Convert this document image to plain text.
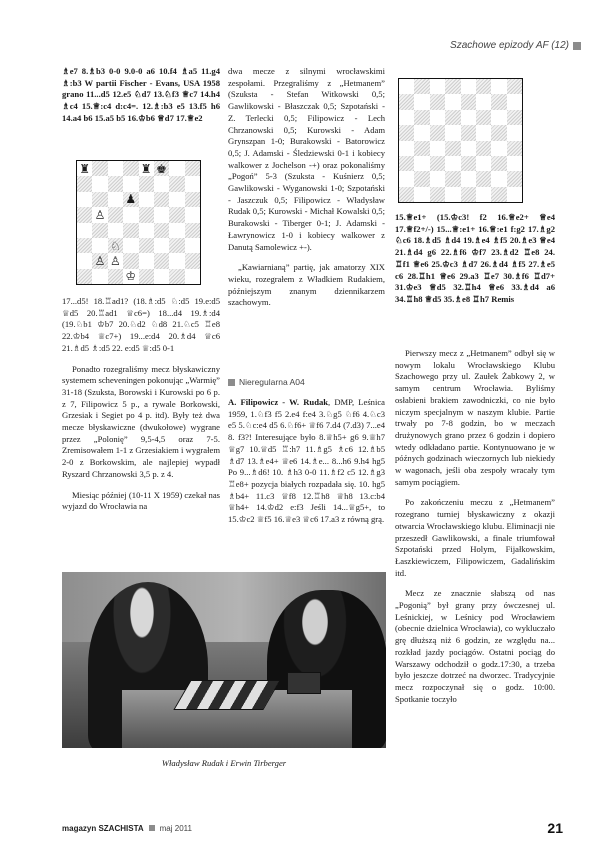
Szachowe epizody AF (12)

♗e7 8.♗b3 0-0 9.0-0 a6 10.f4 ♗a5 11.g4 ♗:b3 W partii Fischer - Evans, USA 1958 grano 11...d5 12.e5 ♘d7 13.♘f3 ♕c7 14.h4 ♗c4 15.♕:c4 d:c4=. 12.♗:b3 e5 13.f5 h6 14.a4 b6 15.a5 b5 16.♔b6 ♕d7 17.♕e2

♜	♜ ♚
♟
♙
♘
♙ ♙
♔

17...d5! 18.♖ad1? (18.♗:d5 ♘:d5 19.e:d5 ♕d5 20.♖ad1 ♕c6=) 18...d4 19.♗:d4 (19.♘b1 ♔b7 20.♘d2 ♘d8 21.♘c5 ♖e8 22.♔b4 ♕c7+) 19...e:d4 20.♗d4 ♕c6 21.♗d5 ♗:d5 22. e:d5 ♕:d5 0-1

Ponadto rozegraliśmy mecz błyskawiczny systemem scheveningen pokonując „Warmię” 31-18 (Szuksta, Borowski i Kurowski po 6 p. z 7, Filipowicz 5 p., a rywale Borkowski, Grzesiak i Segiet po 4 p. itd). Były też dwa mecze błyskawiczne (dwukołowe) wygrane przez „Polonię” 9,5-4,5 oraz 7-5. Zremisowałem 1-1 z Grzesiakiem i wygrałem 2-0 z Borkowskim, ale najlepiej wypadł Ryszard Chrzanowski 3,5 p. z 4.

Miesiąc później (10-11 X 1959) czekał nas wyjazd do Wrocławia na

dwa mecze z silnymi wrocławskimi zespołami. Przegraliśmy z „Hetmanem” (Szuksta - Stefan Witkowski 0,5; Gawlikowski - Błaszczak 0,5; Szpotański - Z. Terlecki 0,5; Filipowicz - Lech Chrzanowski 0,5; Kurowski - Adam Grynszpan 1-0; Burakowski - Batorowicz 0,5; J. Adamski - Śledziewski 0-1 i kobiecy walkower z Jochelson -+) oraz pokonaliśmy „Pogoń” 5-3 (Szuksta - Kuśnierz 0,5; Gawlikowski - Wyganowski 1-0; Szpotański - Jaszczuk 0,5; Filipowicz - Władysław Rudak 0,5; Kurowski - Michał Kowalski 0,5; Burakowski - Tiberger 0-1; J. Adamski - Ławrynowicz 1-0 i kobiecy walkower z Danutą Samolewicz +-).

„Kawiarnianą” partię, jak amatorzy XIX wieku, rozegrałem z Władkiem Rudakiem, późniejszym znanym dziennikarzem szachowym.

Nieregularna A04

A. Filipowicz - W. Rudak, DMP, Leśnica 1959, 1.♘f3 f5 2.e4 f:e4 3.♘g5 ♘f6 4.♘c3 e5 5.♘c:e4 d5 6.♘f6+ ♕f6 7.d4 (7.d3) 7...e4 8. f3?! Interesujące było 8.♕h5+ g6 9.♕h7 ♕g7 10.♕d5 ♖:h7 11.♗g5 ♗c6 12.♗b5 ♗d7 13.♗e4+ ♕e6 14.♗e... 8...h6 9.h4 hg5 Po 9...♗d6! 10. ♗h3 0-0 11.♗f2 c5 12.♗g3 ♖e8+ pozycja białych rozpadała się. 10. hg5 ♗b4+ 11.c3 ♕f8 12.♖h8 ♕h8 13.c:b4 ♕h4+ 14.♔d2 e:f3 Jeśli 14...♕g5+, to 15.♔c2 ♕f5 16.♕e3 ♕c6 17.a3 z równą grą.

15.♕e1+ (15.♔c3! f2 16.♕e2+ ♕e4 17.♕f2+/-) 15...♕:e1+ 16.♕:e1 f:g2 17.♗g2 ♘c6 18.♗d5 ♗d4 19.♗e4 ♗f5 20.♗e3 ♕e4 21.♗d4 g6 22.♗f6 ♔f7 23.♗d2 ♖e8 24. ♖f1 ♕e6 25.♔c3 ♗d7 26.♗d4 ♗f5 27.♗e5 c6 28.♖h1 ♕e6 29.a3 ♖e7 30.♗f6 ♖d7+ 31.♔e3 ♕d5 32.♖h4 ♕e6 33.♗d4 a6 34.♖h8 ♕d5 35.♗e8 ♖h7 Remis

Pierwszy mecz z „Hetmanem” odbył się w nowym lokalu Wrocławskiego Klubu Szachowego przy ul. Zaułek Żabkowy 2, w samym centrum Wrocławia. Byliśmy osłabieni brakiem zawodniczki, co nie było niczym specjalnym w naszym klubie. Partie trwały po 7-8 godzin, bo w meczach drużynowych grano przez 6 godzin i dopiero wtedy odkładano partie. Kontynuowano je w późnych godzinach wieczornych lub niekiedy w wagonach, jeśli oba zespoły wracały tym samym pociągiem.

Po zakończeniu meczu z „Hetmanem” rozegrano turniej błyskawiczny z okazji otwarcia Wrocławskiego klubu. Eliminacji nie przeszedł Gawlikowski, a finale triumfował Szpotański przed Holym, Fijałkowskim, Łaszkiewiczem, Filipowiczem, Gadalińskim itd.

Mecz ze znacznie słabszą od nas „Pogonią” był grany przy ówczesnej ul. Leśnickiej, w Leśnicy pod Wrocławiem (obecnie dzielnica Wrocławia), co wykluczało grę dłuższą niż 6 godzin, ze względu na... rozkład jazdy pociągów. Ostatni pociąg do Warszawy odchodził o godz.17:30, a trzeba było jeszcze dotrzeć na dworzec. Tradycyjnie mecz rozpoczynał się o godz. 10:00. Spotkanie toczyło

Władysław Rudak i Erwin Tirberger
magazyn SZACHISTA maj 2011	21
